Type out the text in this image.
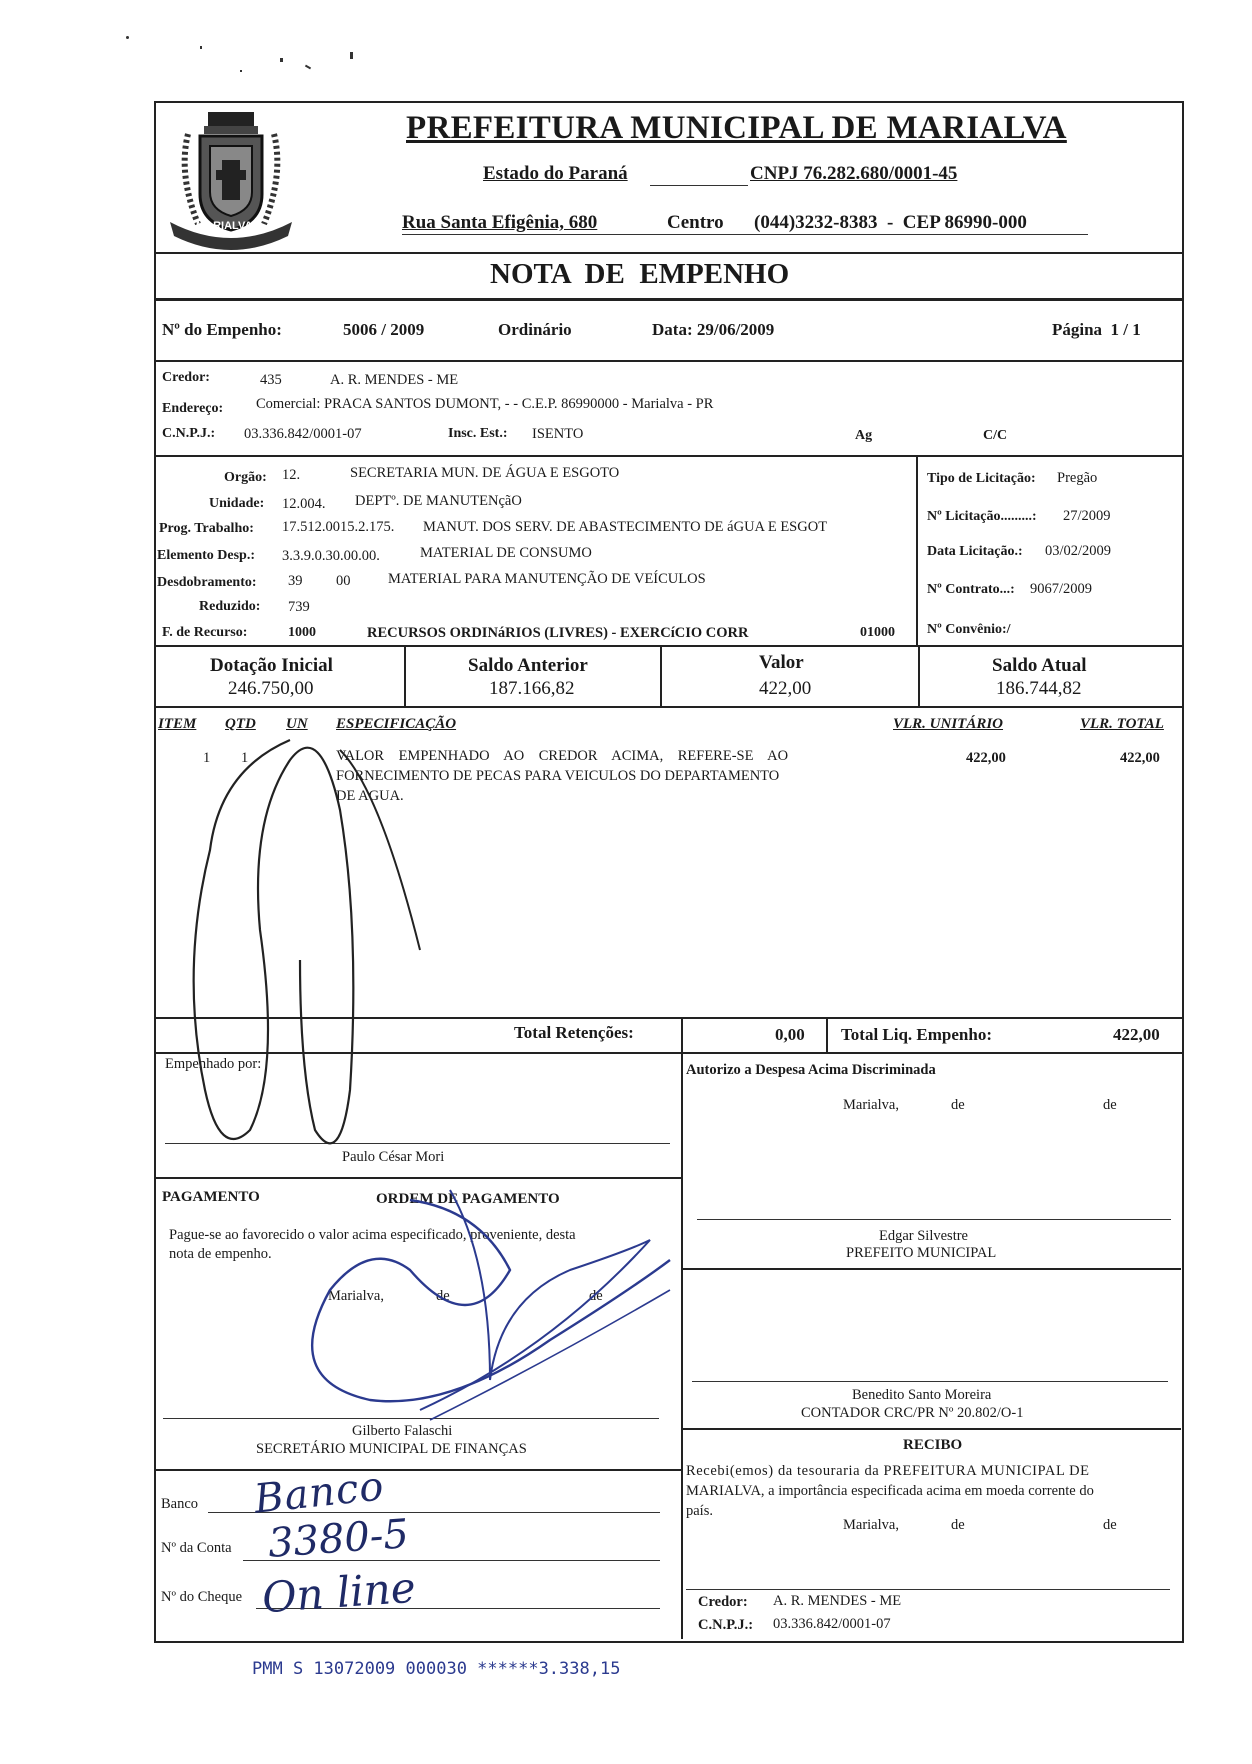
MARIALVA
PREFEITURA MUNICIPAL DE MARIALVA
Estado do Paraná	CNPJ 76.282.680/0001-45
Rua Santa Efigênia, 680	Centro (044)3232-8383  -  CEP 86990-000
NOTA  DE  EMPENHO
Nº do Empenho:	5006 / 2009	Ordinário	Data: 29/06/2009	Página  1 / 1
Credor:	435	A. R. MENDES - ME
Endereço: Comercial: PRACA SANTOS DUMONT, - - C.E.P. 86990000 - Marialva - PR
C.N.P.J.: 03.336.842/0001-07	Insc. Est.: ISENTO	Ag	C/C
Orgão: 12.	SECRETARIA MUN. DE ÁGUA E ESGOTO
Unidade: 12.004. DEPTº. DE MANUTENçãO
Prog. Trabalho: 17.512.0015.2.175. MANUT. DOS SERV. DE ABASTECIMENTO DE áGUA E ESGOT
Elemento Desp.: 3.3.9.0.30.00.00.	MATERIAL DE CONSUMO
Desdobramento: 39 00	MATERIAL PARA MANUTENÇÃO DE VEÍCULOS
Reduzido: 739
F. de Recurso:	1000	RECURSOS ORDINáRIOS (LIVRES) - EXERCíCIO CORR	01000
Tipo de Licitação: Pregão
Nº Licitação.........: 27/2009
Data Licitação.: 03/02/2009
Nº Contrato...: 9067/2009
Nº Convênio:/
Dotação Inicial
246.750,00
Saldo Anterior
187.166,82
Valor
422,00
Saldo Atual
186.744,82
ITEM QTD UN ESPECIFICAÇÃO	VLR. UNITÁRIO	VLR. TOTAL
1 1	VALOR    EMPENHADO    AO    CREDOR    ACIMA,    REFERE-SE    AO
FORNECIMENTO DE PECAS PARA VEICULOS DO DEPARTAMENTO
DE AGUA.
422,00	422,00
Total Retenções:	0,00 Total Liq. Empenho:	422,00
Empenhado por:
Paulo César Mori
PAGAMENTO	ORDEM DE PAGAMENTO
Pague-se ao favorecido o valor acima especificado, proveniente, desta
nota de empenho.
Marialva,	de	de
Gilberto Falaschi
SECRETÁRIO MUNICIPAL DE FINANÇAS
Banco
Nº da Conta
Nº do Cheque
Autorizo a Despesa Acima Discriminada
Marialva,	de	de
Edgar Silvestre
PREFEITO MUNICIPAL
Benedito Santo Moreira
CONTADOR CRC/PR Nº 20.802/O-1
RECIBO
Recebi(emos) da tesouraria da PREFEITURA MUNICIPAL DE
MARIALVA, a importância especificada acima em moeda corrente do
país.
Marialva,	de	de
Credor: A. R. MENDES - ME
C.N.P.J.: 03.336.842/0001-07
Banco
3380-5
On line
PMM S 13072009 000030 ******3.338,15
